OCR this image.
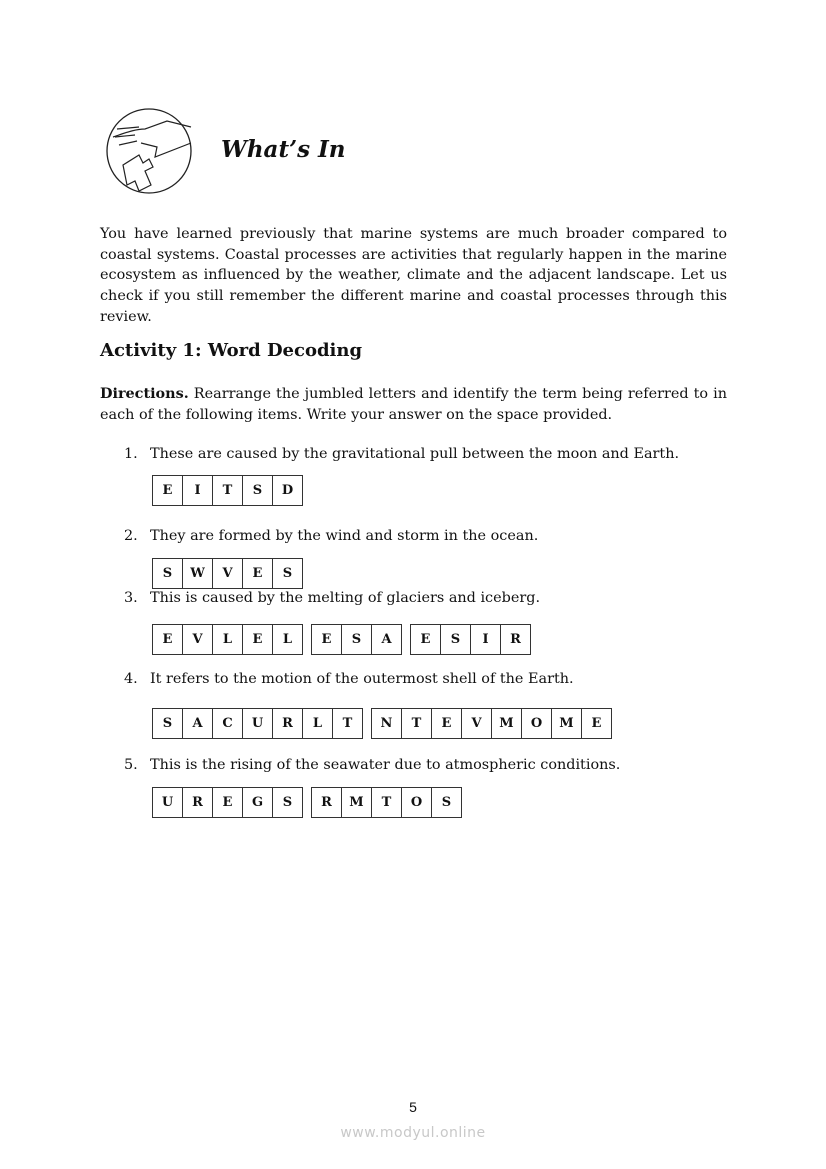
What’s In
You have learned previously that marine systems are much broader compared to coastal systems. Coastal processes are activities that regularly happen in the marine ecosystem as influenced by the weather, climate and the adjacent landscape. Let us check if you still remember the different marine and coastal processes through this review.
Activity 1: Word Decoding
Directions. Rearrange the jumbled letters and identify the term being referred to in each of the following items. Write your answer on the space provided.
1. These are caused by the gravitational pull between the moon and Earth.
E	I	T	S	D
2. They are formed by the wind and storm in the ocean.
S	W	V	E	S
3. This is caused by the melting of glaciers and iceberg.
E	V	L	E	L	E	S	A	E	S	I	R
4. It refers to the motion of the outermost shell of the Earth.
S	A	C	U	R	L	T	N	T	E	V	M	O	M	E
5. This is the rising of the seawater due to atmospheric conditions.
U	R	E	G	S	R	M	T	O	S
5
www.modyul.online
